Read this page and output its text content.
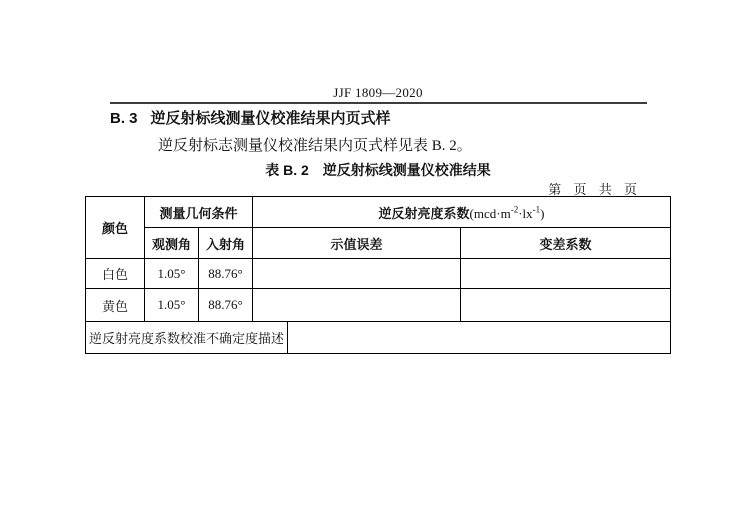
JJF 1809—2020
B. 3 逆反射标线测量仪校准结果内页式样

逆反射标志测量仪校准结果内页式样见表 B. 2。

表 B. 2 逆反射标线测量仪校准结果
第 页 共 页
颜色	测量几何条件		逆反射亮度系数$(mcd\cdot m^{-2}\cdot lx^{-1})$	
	观测角	入射角	示值误差	变差系数
白色	1.05°	88.76°		
黄色	1.05°	88.76°		

逆反射亮度系数校准不确定度描述				
